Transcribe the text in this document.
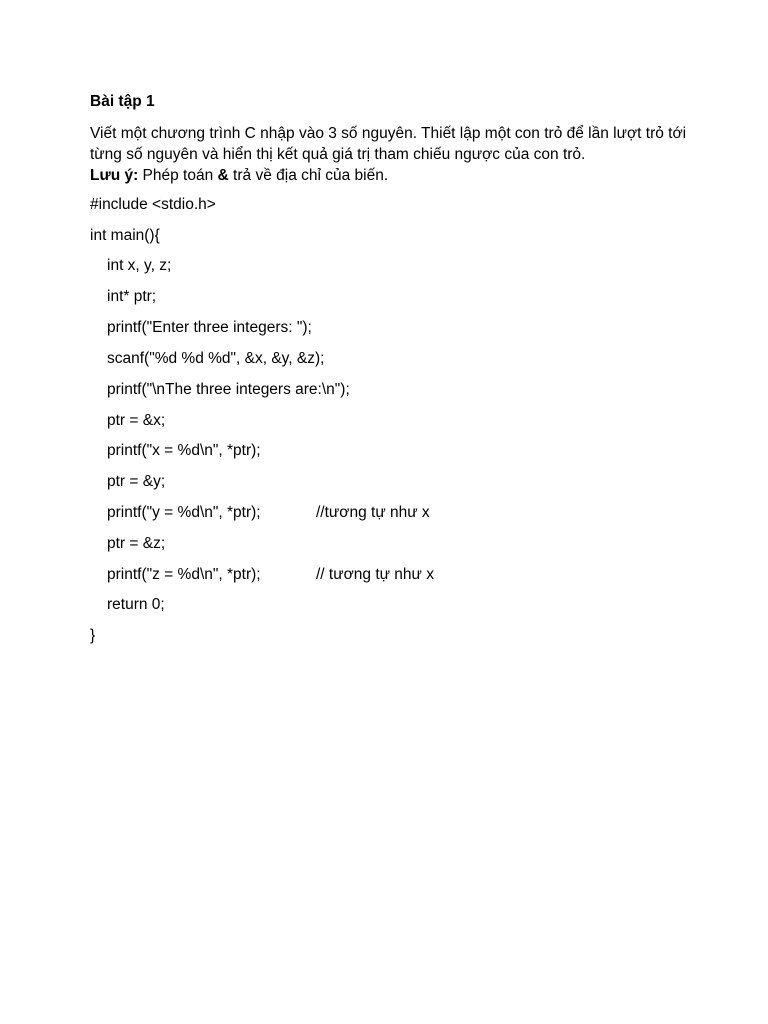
Bài tập 1
Viết một chương trình C nhập vào 3 số nguyên. Thiết lập một con trỏ để lần lượt trỏ tới
từng số nguyên và hiển thị kết quả giá trị tham chiếu ngược của con trỏ.
Lưu ý: Phép toán & trả về địa chỉ của biến.
#include <stdio.h>
int main(){
int x, y, z;
int* ptr;
printf("Enter three integers: ");
scanf("%d %d %d", &x, &y, &z);
printf("\nThe three integers are:\n");
ptr = &x;
printf("x = %d\n", *ptr);
ptr = &y;
printf("y = %d\n", *ptr);	//tương tự như x
ptr = &z;
printf("z = %d\n", *ptr);	// tương tự như x
return 0;
}
